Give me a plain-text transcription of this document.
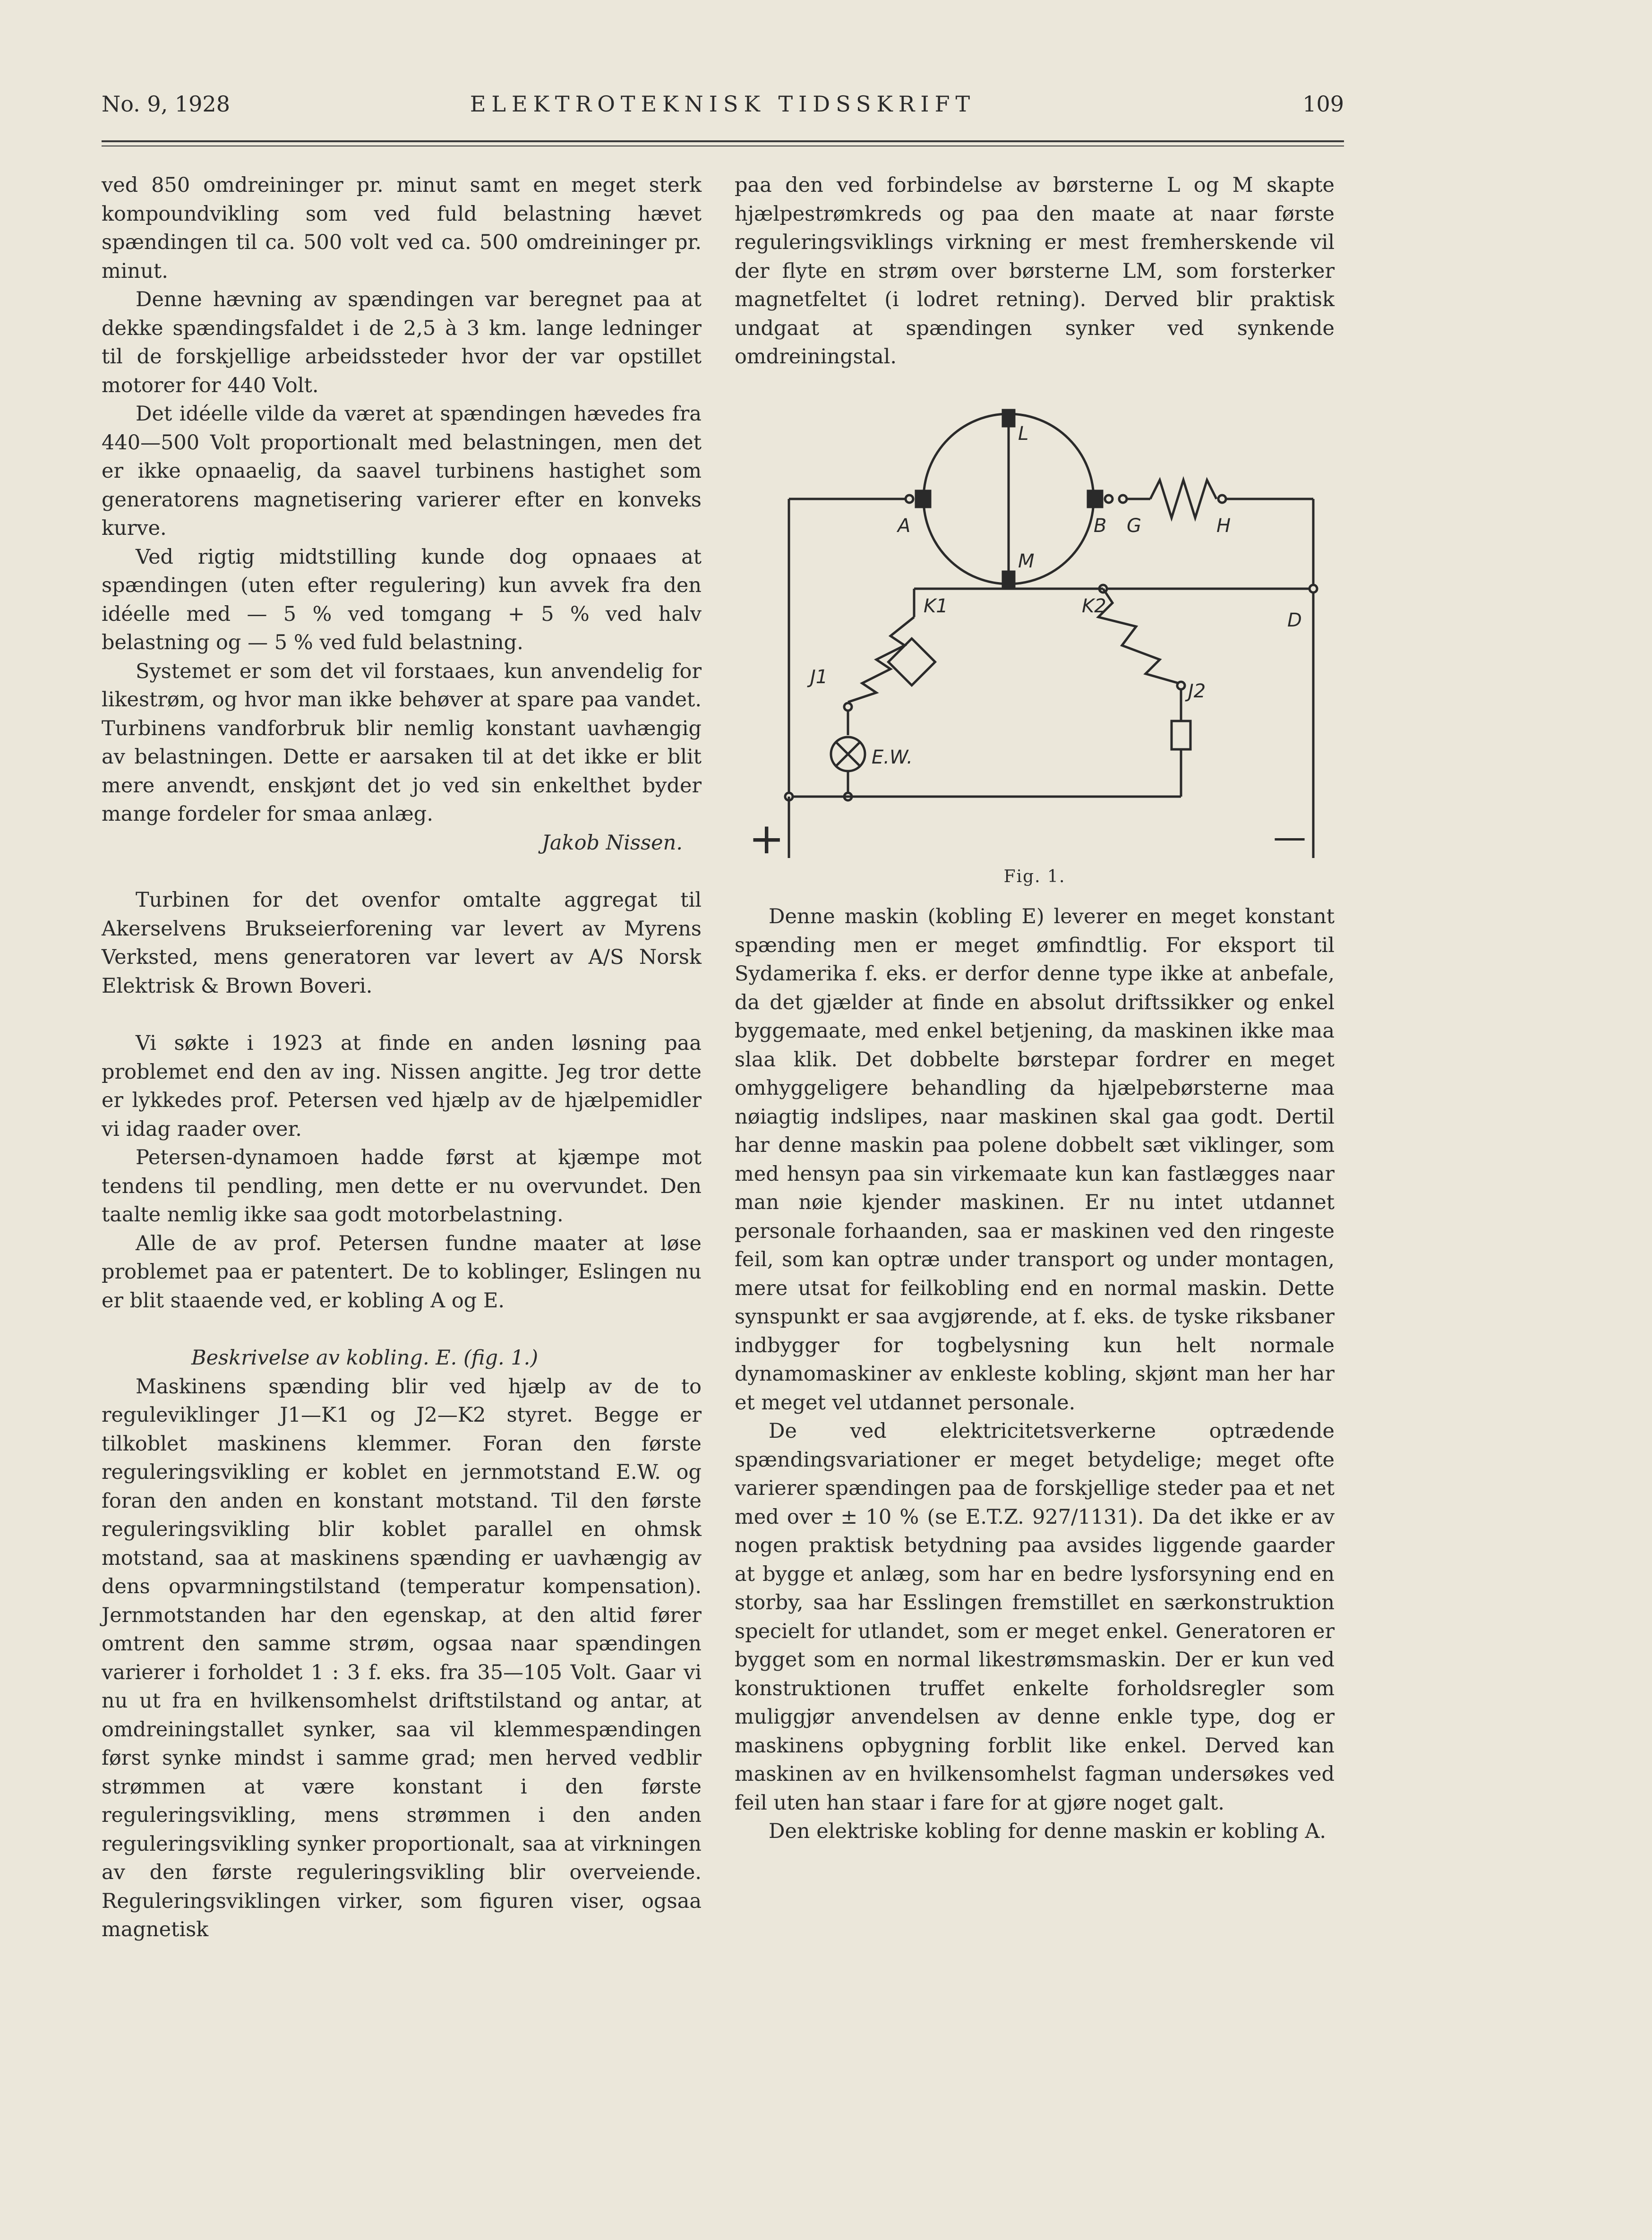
No. 9, 1928	ELEKTROTEKNISK TIDSSKRIFT	109

ved 850 omdreininger pr. minut samt en meget sterk kompoundvikling som ved fuld belastning hævet spændingen til ca. 500 volt ved ca. 500 omdreininger pr. minut.

Denne hævning av spændingen var beregnet paa at dekke spændingsfaldet i de 2,5 à 3 km. lange ledninger til de forskjellige arbeidssteder hvor der var opstillet motorer for 440 Volt.

Det idéelle vilde da været at spændingen hævedes fra 440—500 Volt proportionalt med belastningen, men det er ikke opnaaelig, da saavel turbinens hastighet som generatorens magnetisering varierer efter en konveks kurve.

Ved rigtig midtstilling kunde dog opnaaes at spændingen (uten efter regulering) kun avvek fra den idéelle med — 5 % ved tomgang + 5 % ved halv belastning og — 5 % ved fuld belastning.

Systemet er som det vil forstaaes, kun anvendelig for likestrøm, og hvor man ikke behøver at spare paa vandet. Turbinens vandforbruk blir nemlig konstant uavhængig av belastningen. Dette er aarsaken til at det ikke er blit mere anvendt, enskjønt det jo ved sin enkelthet byder mange fordeler for smaa anlæg.

Jakob Nissen.

Turbinen for det ovenfor omtalte aggregat til Akerselvens Brukseierforening var levert av Myrens Verksted, mens generatoren var levert av A/S Norsk Elektrisk & Brown Boveri.

Vi søkte i 1923 at finde en anden løsning paa problemet end den av ing. Nissen angitte. Jeg tror dette er lykkedes prof. Petersen ved hjælp av de hjælpemidler vi idag raader over.

Petersen-dynamoen hadde først at kjæmpe mot tendens til pendling, men dette er nu overvundet. Den taalte nemlig ikke saa godt motorbelastning.

Alle de av prof. Petersen fundne maater at løse problemet paa er patentert. De to koblinger, Eslingen nu er blit staaende ved, er kobling A og E.

Beskrivelse av kobling. E. (fig. 1.)

Maskinens spænding blir ved hjælp av de to reguleviklinger J1—K1 og J2—K2 styret. Begge er tilkoblet maskinens klemmer. Foran den første reguleringsvikling er koblet en jernmotstand E.W. og foran den anden en konstant motstand. Til den første reguleringsvikling blir koblet parallel en ohmsk motstand, saa at maskinens spænding er uavhængig av dens opvarmningstilstand (temperatur kompensation). Jernmotstanden har den egenskap, at den altid fører omtrent den samme strøm, ogsaa naar spændingen varierer i forholdet 1 : 3 f. eks. fra 35—105 Volt. Gaar vi nu ut fra en hvilkensomhelst driftstilstand og antar, at omdreiningstallet synker, saa vil klemmespændingen først synke mindst i samme grad; men herved vedblir strømmen at være konstant i den første reguleringsvikling, mens strømmen i den anden reguleringsvikling synker proportionalt, saa at virkningen av den første reguleringsvikling blir overveiende. Reguleringsviklingen virker, som figuren viser, ogsaa magnetisk

paa den ved forbindelse av børsterne L og M skapte hjælpestrømkreds og paa den maate at naar første reguleringsviklings virkning er mest fremherskende vil der flyte en strøm over børsterne LM, som forsterker magnetfeltet (i lodret retning). Derved blir praktisk undgaat at spændingen synker ved synkende omdreiningstal.

L
M
A	B G	H
K1	K2
J1
J2
D
E.W.
+	—
Fig. 1.

Denne maskin (kobling E) leverer en meget konstant spænding men er meget ømfindtlig. For eksport til Sydamerika f. eks. er derfor denne type ikke at anbefale, da det gjælder at finde en absolut driftssikker og enkel byggemaate, med enkel betjening, da maskinen ikke maa slaa klik. Det dobbelte børstepar fordrer en meget omhyggeligere behandling da hjælpebørsterne maa nøiagtig indslipes, naar maskinen skal gaa godt. Dertil har denne maskin paa polene dobbelt sæt viklinger, som med hensyn paa sin virkemaate kun kan fastlægges naar man nøie kjender maskinen. Er nu intet utdannet personale forhaanden, saa er maskinen ved den ringeste feil, som kan optræ under transport og under montagen, mere utsat for feilkobling end en normal maskin. Dette synspunkt er saa avgjørende, at f. eks. de tyske riksbaner indbygger for togbelysning kun helt normale dynamomaskiner av enkleste kobling, skjønt man her har et meget vel utdannet personale.

De ved elektricitetsverkerne optrædende spændingsvariationer er meget betydelige; meget ofte varierer spændingen paa de forskjellige steder paa et net med over ± 10 % (se E.T.Z. 927/1131). Da det ikke er av nogen praktisk betydning paa avsides liggende gaarder at bygge et anlæg, som har en bedre lysforsyning end en storby, saa har Esslingen fremstillet en særkonstruktion specielt for utlandet, som er meget enkel. Generatoren er bygget som en normal likestrømsmaskin. Der er kun ved konstruktionen truffet enkelte forholdsregler som muliggjør anvendelsen av denne enkle type, dog er maskinens opbygning forblit like enkel. Derved kan maskinen av en hvilkensomhelst fagman undersøkes ved feil uten han staar i fare for at gjøre noget galt.

Den elektriske kobling for denne maskin er kobling A.
